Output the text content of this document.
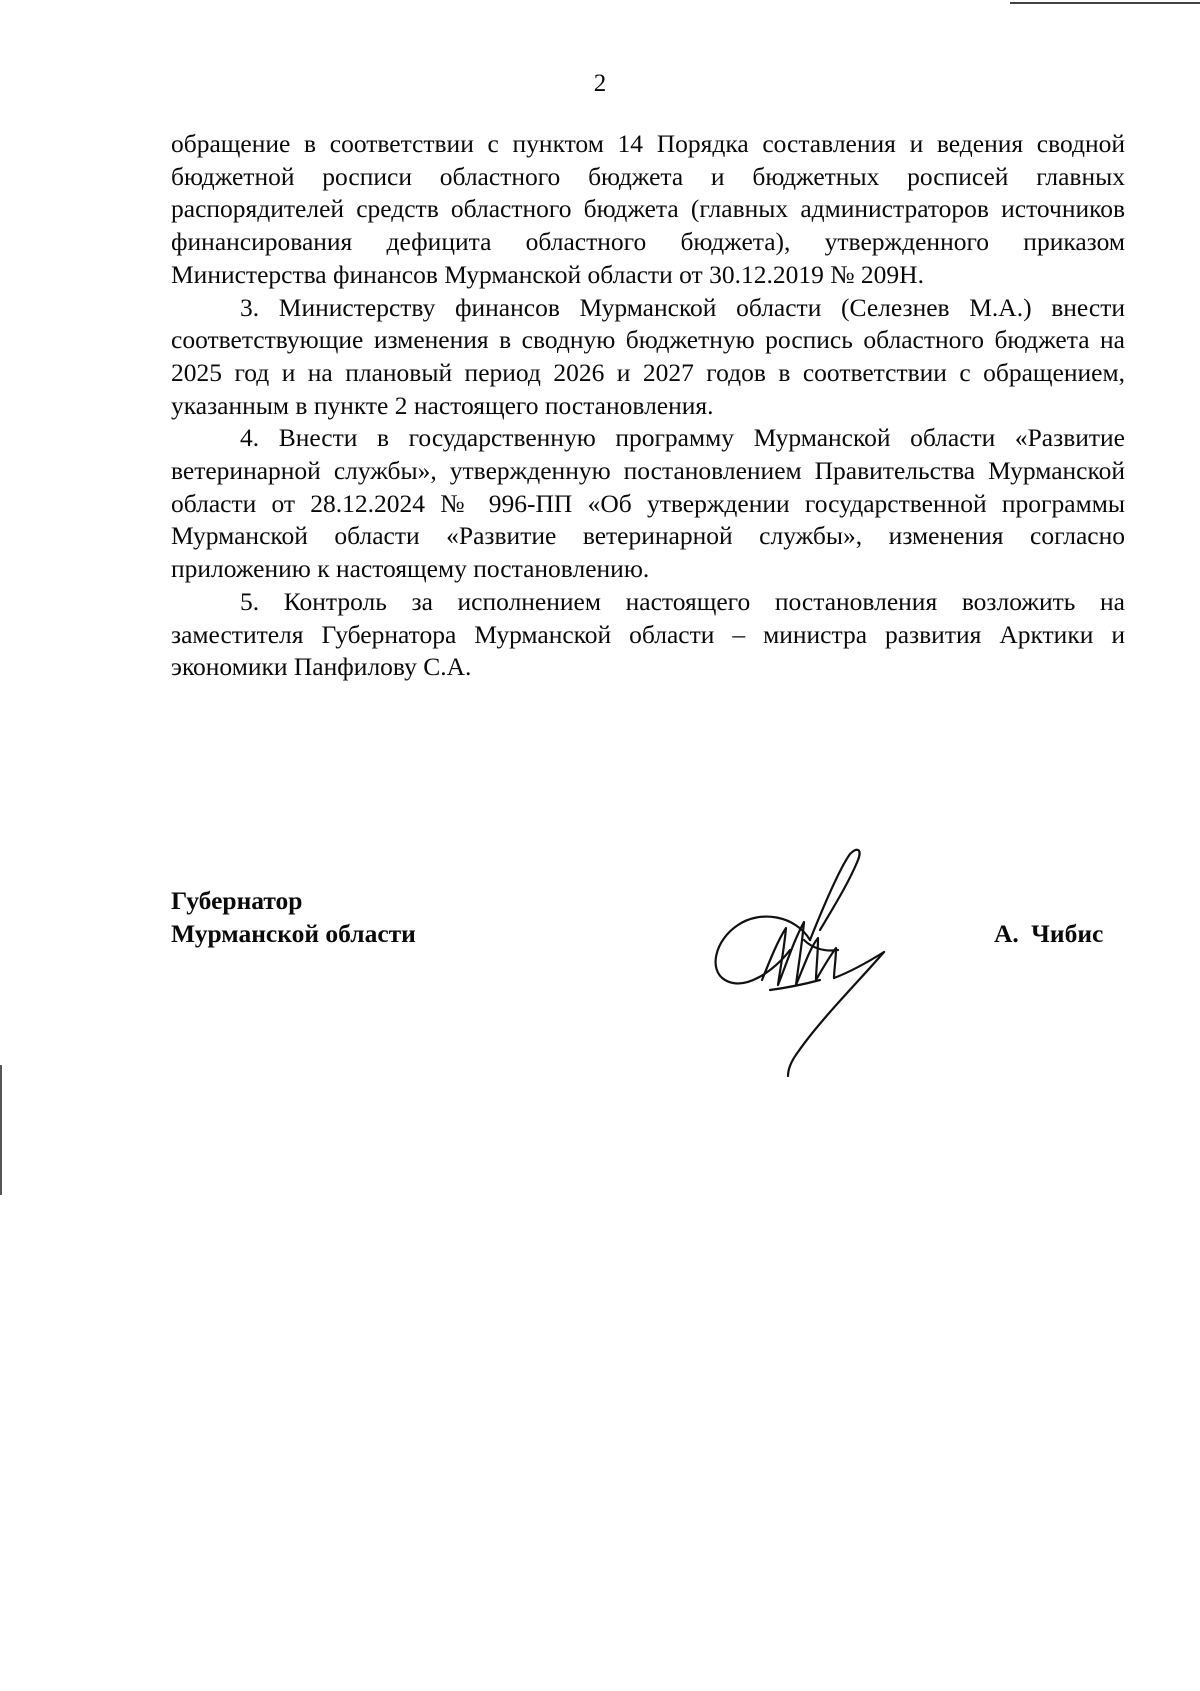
2

обращение в соответствии с пунктом 14 Порядка составления и ведения сводной бюджетной росписи областного бюджета и бюджетных росписей главных распорядителей средств областного бюджета (главных администраторов источников финансирования дефицита областного бюджета), утвержденного приказом Министерства финансов Мурманской области от 30.12.2019 № 209Н.

3. Министерству финансов Мурманской области (Селезнев М.А.) внести соответствующие изменения в сводную бюджетную роспись областного бюджета на 2025 год и на плановый период 2026 и 2027 годов в соответствии с обращением, указанным в пункте 2 настоящего постановления.

4. Внести в государственную программу Мурманской области «Развитие ветеринарной службы», утвержденную постановлением Правительства Мурманской области от 28.12.2024 № 996-ПП «Об утверждении государственной программы Мурманской области «Развитие ветеринарной службы», изменения согласно приложению к настоящему постановлению.

5. Контроль за исполнением настоящего постановления возложить на заместителя Губернатора Мурманской области – министра развития Арктики и экономики Панфилову С.А.

Губернатор
Мурманской области	А. Чибис
